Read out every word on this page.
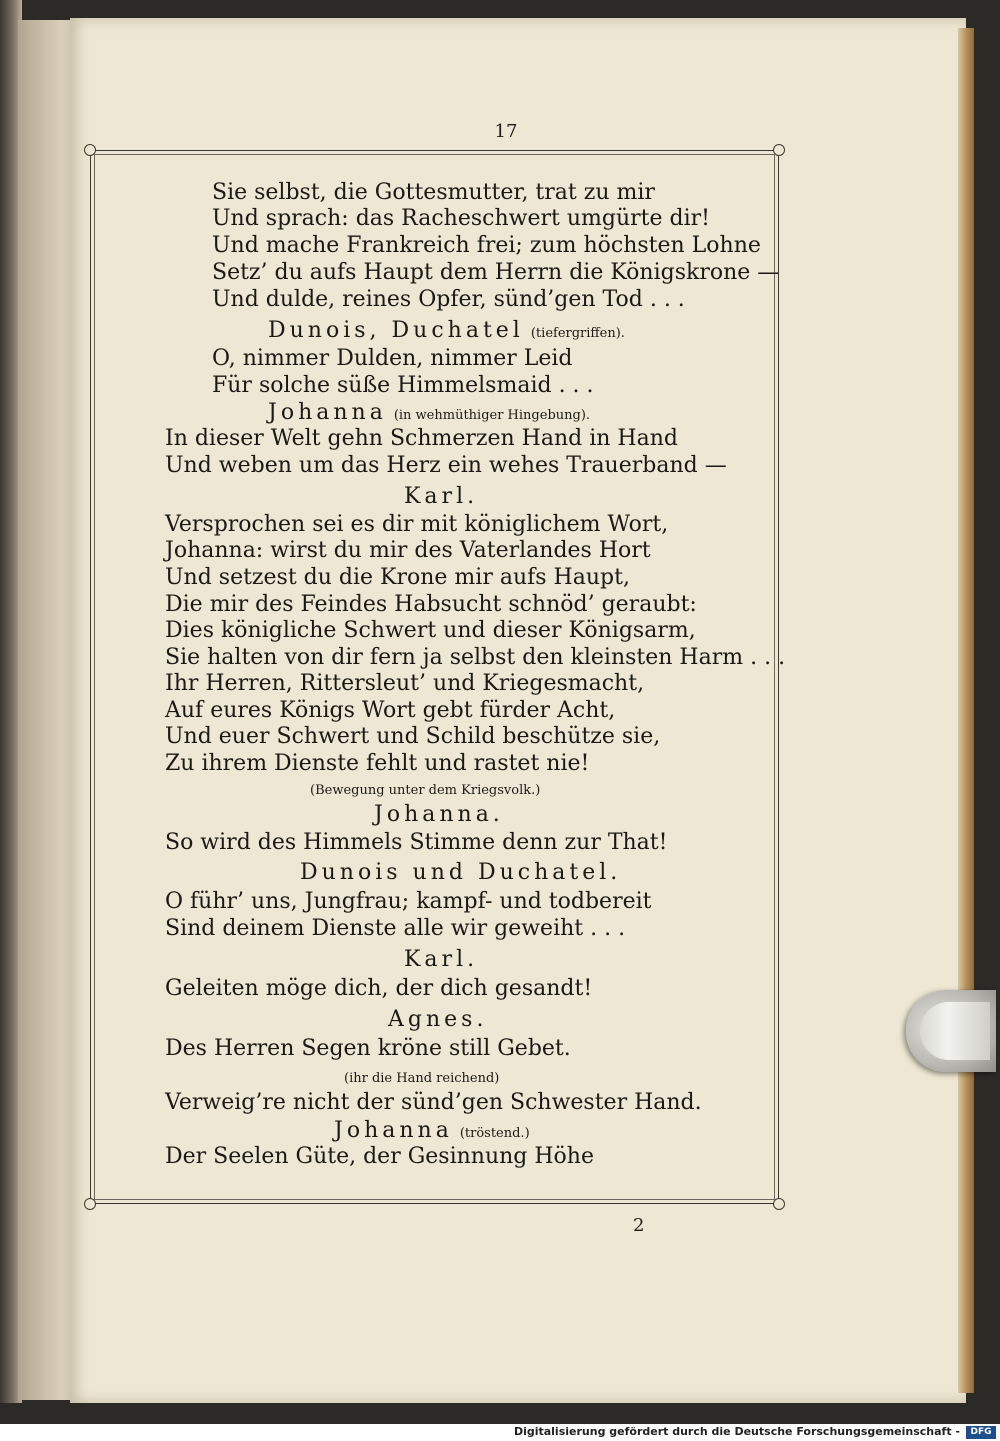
17
Sie selbst, die Gottesmutter, trat zu mir
Und sprach: das Racheschwert umgürte dir!
Und mache Frankreich frei; zum höchsten Lohne
Setz’ du aufs Haupt dem Herrn die Königskrone —
Und dulde, reines Opfer, sünd’gen Tod . . .
Dunois, Duchatel (tiefergriffen).
O, nimmer Dulden, nimmer Leid
Für solche süße Himmelsmaid . . .
Johanna (in wehmüthiger Hingebung).
In dieser Welt gehn Schmerzen Hand in Hand
Und weben um das Herz ein wehes Trauerband —
Karl.
Versprochen sei es dir mit königlichem Wort,
Johanna: wirst du mir des Vaterlandes Hort
Und setzest du die Krone mir aufs Haupt,
Die mir des Feindes Habsucht schnöd’ geraubt:
Dies königliche Schwert und dieser Königsarm,
Sie halten von dir fern ja selbst den kleinsten Harm . . .
Ihr Herren, Rittersleut’ und Kriegesmacht,
Auf eures Königs Wort gebt fürder Acht,
Und euer Schwert und Schild beschütze sie,
Zu ihrem Dienste fehlt und rastet nie!
(Bewegung unter dem Kriegsvolk.)
Johanna.
So wird des Himmels Stimme denn zur That!
Dunois und Duchatel.
O führ’ uns, Jungfrau; kampf- und todbereit
Sind deinem Dienste alle wir geweiht . . .
Karl.
Geleiten möge dich, der dich gesandt!
Agnes.
Des Herren Segen kröne still Gebet.
(ihr die Hand reichend)
Verweig’re nicht der sünd’gen Schwester Hand.
Johanna (tröstend.)
Der Seelen Güte, der Gesinnung Höhe
2
Digitalisierung gefördert durch die Deutsche Forschungsgemeinschaft -	DFG
